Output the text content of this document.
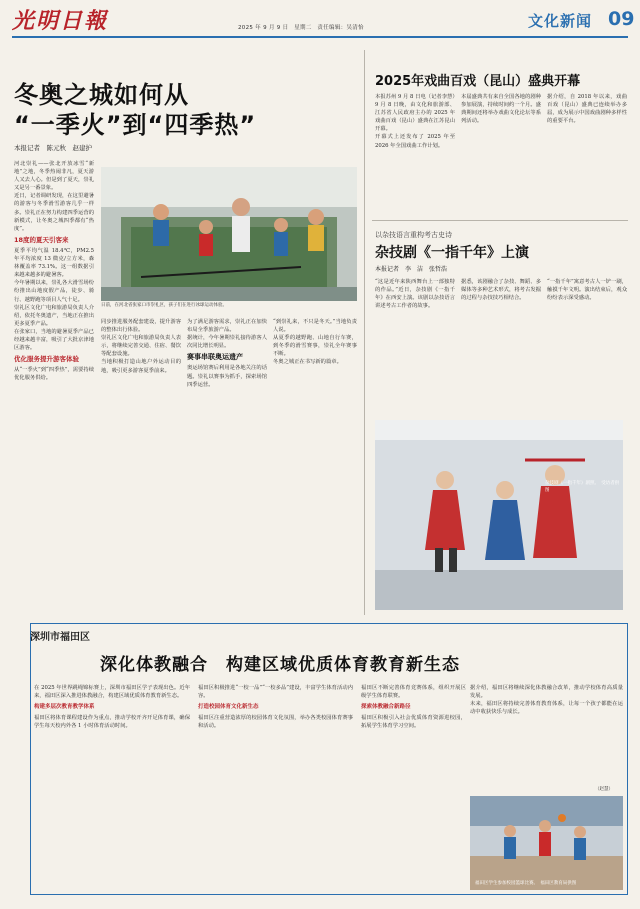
光明日報	2025 年 9 月 9 日　星期二　责任编辑：吴清怡	文化新闻 09
冬奥之城如何从
“一季火”到“四季热”
本报记者　陈元秋　赵建护

河北崇礼——张北开放冰雪“新地”之地，冬季热闹非凡，夏天游人又去人心。但是到了夏天，崇礼又是另一番景象。

近日，记者调研发现，在这里避暑的游客与冬季滑雪游客几乎一样多。崇礼正在努力构建四季运营的新模式，让冬奥之城四季都有“热度”。

18度的夏天引客来

夏季平均气温 18.4℃，PM2.5 年平均浓度 13 微克/立方米，森林覆盖率 73.1%。这一组数据引来越来越多的避暑客。

今年暑期以来，崇礼各大滑雪场纷纷推出山地度假产品，徒步、骑行、越野跑等项目人气十足。

崇礼区文化广电和旅游局负责人介绍，依托冬奥遗产，当地正在推出更多夏季产品。

在张家口，当地的避暑夏季产品已经越来越丰富，吸引了大批京津地区游客。

优化服务提升游客体验

从“一季火”到“四季热”，需要持续优化服务供给。

日前，在河北省张家口市崇礼区，孩子们在进行冰球运动体验。

同步推进服务配套建设，提升游客的整体出行体验。

崇礼区文化广电和旅游局负责人表示，将继续完善交通、住宿、餐饮等配套设施。

当地积极打造山地户外运动目的地，吸引更多游客夏季前来。

为了满足游客需求，崇礼正在加快布局全季旅游产品。

据统计，今年暑期崇礼接待游客人次同比增长明显。

赛事串联奥运遗产

奥运场馆赛后利用是各地关注的话题。崇礼以赛事为抓手，探索场馆四季运营。

“到崇礼来，不只是冬天。”当地负责人说。

从夏季的越野跑、山地自行车赛，到冬季的滑雪赛事，崇礼全年赛事不断。

冬奥之城正在书写新的篇章。

2025年戏曲百戏（昆山）盛典开幕

本报苏州 9 月 8 日电（记者李慧）9 月 8 日晚，由文化和旅游部、江苏省人民政府主办的 2025 年戏曲百戏（昆山）盛典在江苏昆山开幕。

开幕式上还发布了 2025 年至 2026 年全国戏曲工作计划。

本届盛典共有来自全国各地的剧种参加展演，持续时间约一个月。盛典期间还将举办戏曲文化论坛等系列活动。

据介绍，自 2018 年以来，戏曲百戏（昆山）盛典已连续举办多届，成为展示中国戏曲剧种多样性的重要平台。

以杂技语言重构考古史诗
杂技剧《一指千年》上演
本报记者　李　洁　张哲浩

“这是近年来陕西舞台上一部独特的作品。”近日，杂技剧《一指千年》在西安上演。该剧以杂技语言讲述考古工作者的故事。

据悉，该剧融合了杂技、舞蹈、多媒体等多种艺术形式，将考古发掘的过程与杂技技巧相结合。

“一指千年”寓意考古人一铲一刷，触摸千年文明。演出结束后，观众纷纷表示深受感动。

杂技剧《一指千年》剧照。　受访者供图
深圳市福田区
深化体教融合　构建区域优质体育教育新生态

在 2025 年世界跳绳锦标赛上，深圳市福田区学子表现出色。近年来，福田区深入推进体教融合，构建区域优质体育教育新生态。

构建多层次教育教学体系

福田区将体育课程建设作为重点，推动学校开齐开足体育课，确保学生每天校内外各 1 小时体育活动时间。

福田区积极推进“一校一品”“一校多品”建设，丰富学生体育活动内容。

打造校园体育文化新生态

福田区注重营造浓厚的校园体育文化氛围，举办各类校园体育赛事和活动。

福田区不断完善体育竞赛体系，组织开展区级学生体育联赛。

探索体教融合新路径

福田区积极引入社会优质体育资源进校园，拓展学生体育学习空间。

据介绍，福田区将继续深化体教融合改革，推动学校体育高质量发展。

未来，福田区将持续完善体育教育体系，让每一个孩子都能在运动中收获快乐与成长。

（赵慧）
福田区学生参加校园篮球比赛。　福田区教育局供图
